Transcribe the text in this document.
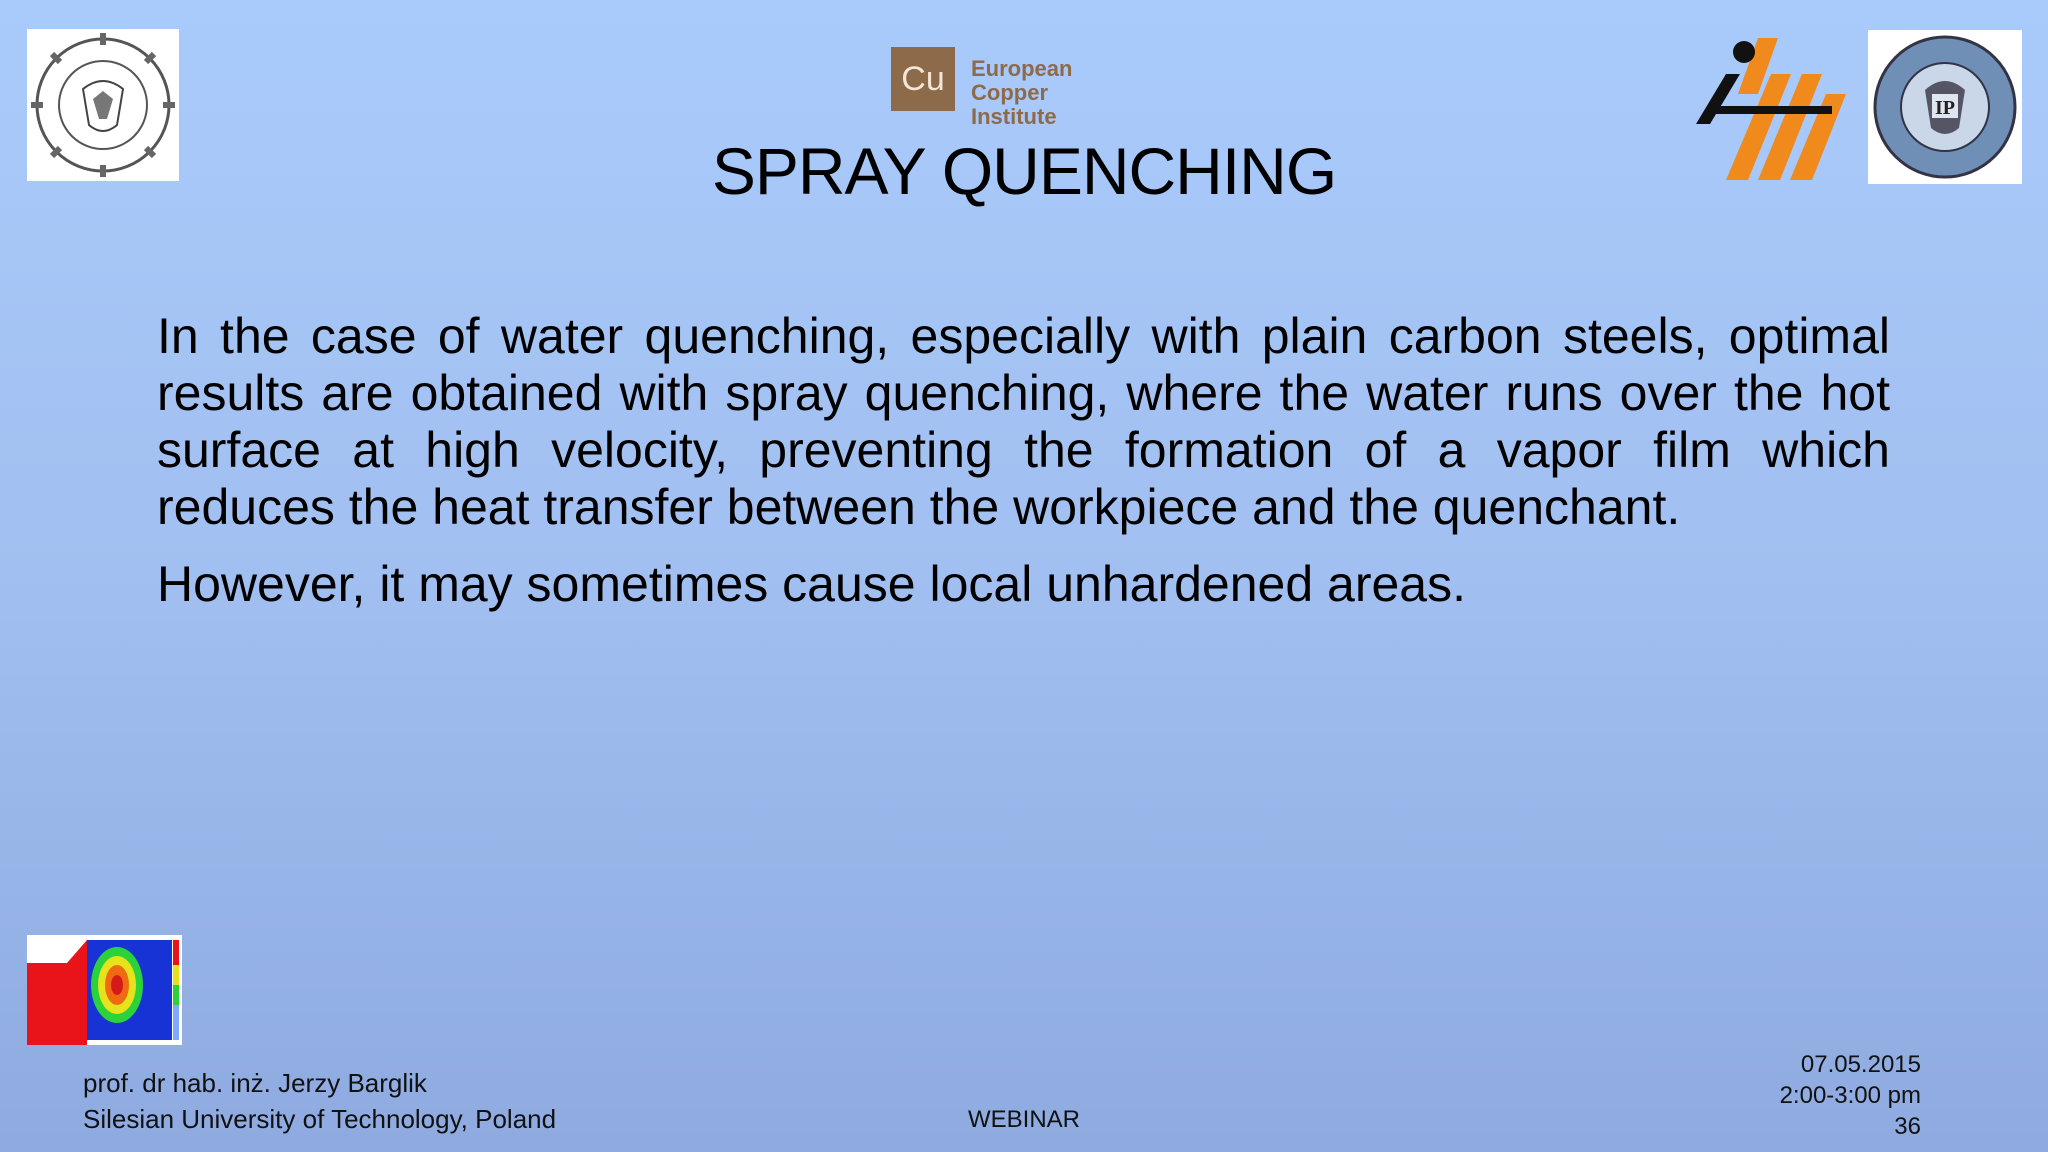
Cu	European
Copper Institute	IP
SPRAY QUENCHING

In the case of water quenching, especially with plain carbon steels, optimal results are obtained with spray quenching, where the water runs over the hot surface at high velocity, preventing the formation of a vapor film which reduces the heat transfer between the workpiece and the quenchant.

However, it may sometimes cause local unhardened areas.

prof. dr hab. inż. Jerzy Barglik
Silesian University of Technology, Poland	WEBINAR
07.05.2015
2:00-3:00 pm
36
